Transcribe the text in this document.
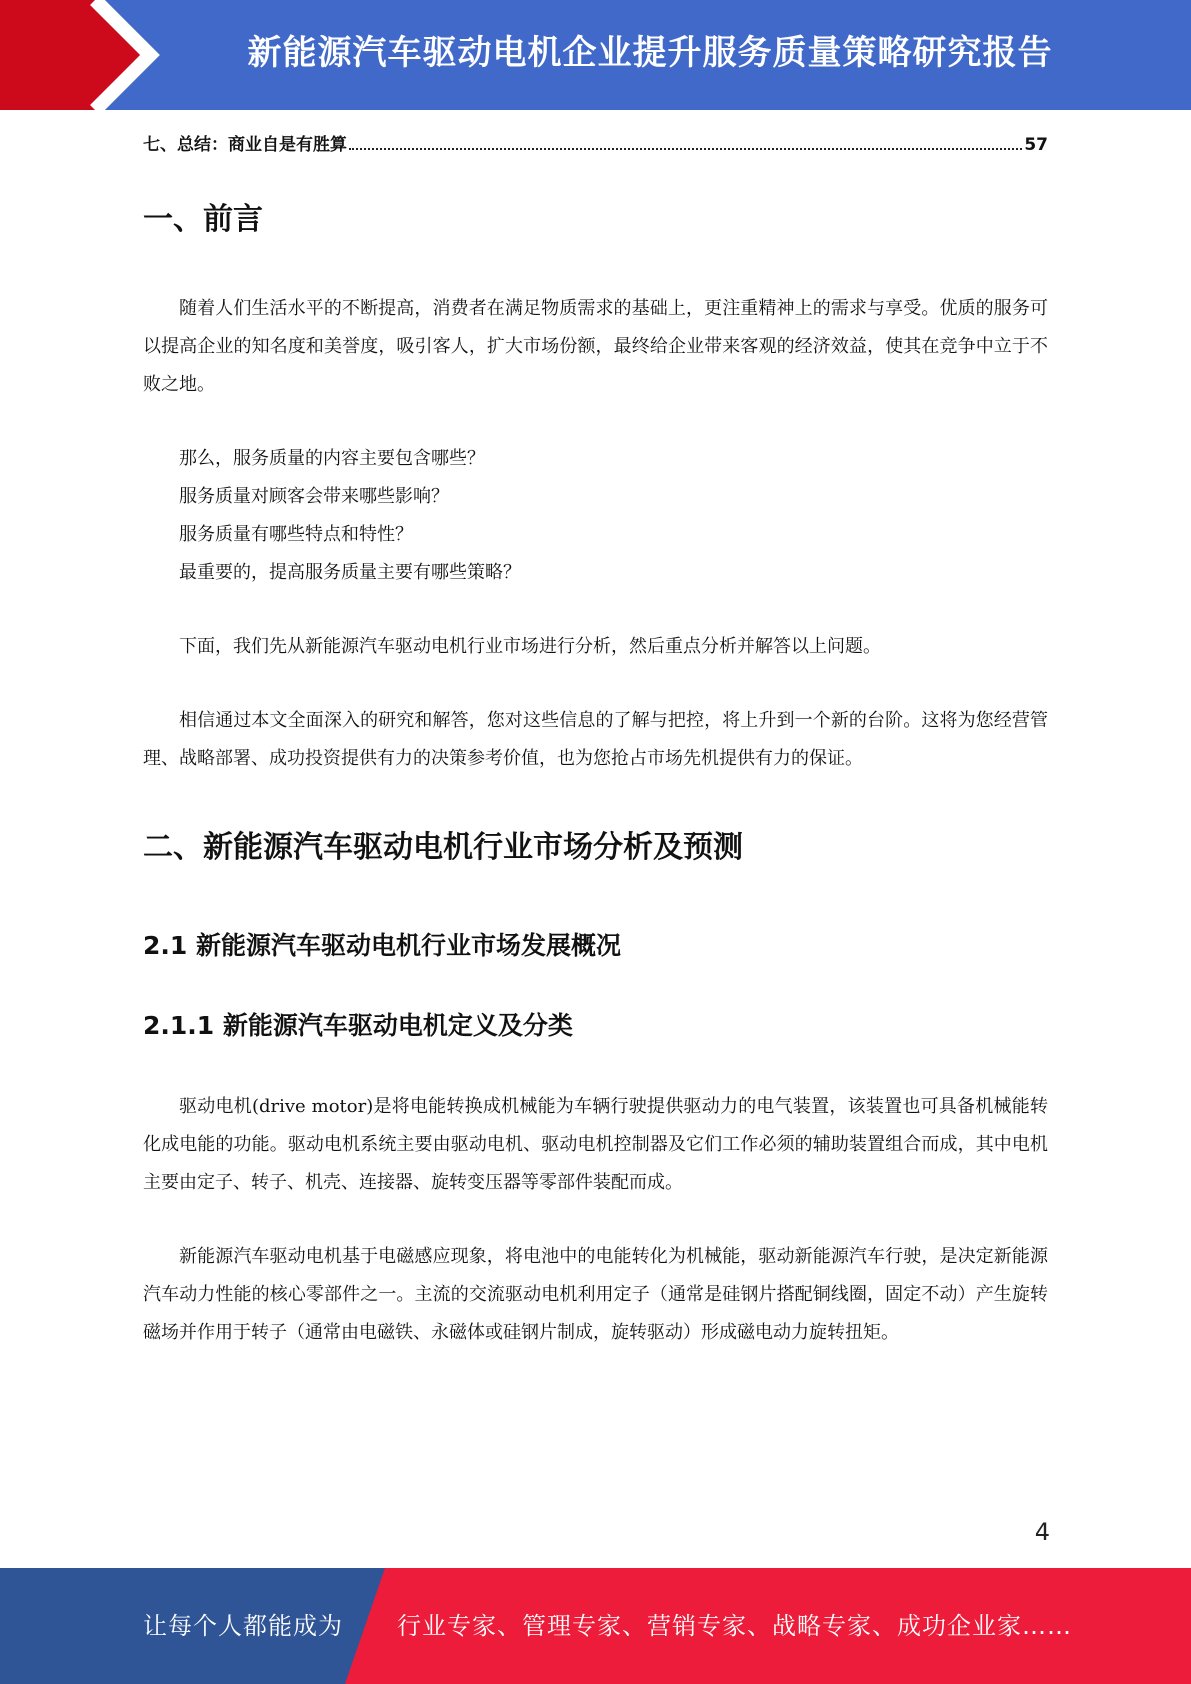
新能源汽车驱动电机企业提升服务质量策略研究报告
七、总结：商业自是有胜算	57
一、前言

随着人们生活水平的不断提高，消费者在满足物质需求的基础上，更注重精神上的需求与享受。优质的服务可以提高企业的知名度和美誉度，吸引客人，扩大市场份额，最终给企业带来客观的经济效益，使其在竞争中立于不败之地。

那么，服务质量的内容主要包含哪些？

服务质量对顾客会带来哪些影响？

服务质量有哪些特点和特性？

最重要的，提高服务质量主要有哪些策略？

下面，我们先从新能源汽车驱动电机行业市场进行分析，然后重点分析并解答以上问题。

相信通过本文全面深入的研究和解答，您对这些信息的了解与把控，将上升到一个新的台阶。这将为您经营管理、战略部署、成功投资提供有力的决策参考价值，也为您抢占市场先机提供有力的保证。

二、新能源汽车驱动电机行业市场分析及预测
2.1 新能源汽车驱动电机行业市场发展概况
2.1.1 新能源汽车驱动电机定义及分类

驱动电机(drive motor)是将电能转换成机械能为车辆行驶提供驱动力的电气装置，该装置也可具备机械能转化成电能的功能。驱动电机系统主要由驱动电机、驱动电机控制器及它们工作必须的辅助装置组合而成，其中电机主要由定子、转子、机壳、连接器、旋转变压器等零部件装配而成。

新能源汽车驱动电机基于电磁感应现象，将电池中的电能转化为机械能，驱动新能源汽车行驶，是决定新能源汽车动力性能的核心零部件之一。主流的交流驱动电机利用定子（通常是硅钢片搭配铜线圈，固定不动）产生旋转磁场并作用于转子（通常由电磁铁、永磁体或硅钢片制成，旋转驱动）形成磁电动力旋转扭矩。

4
让每个人都能成为 行业专家、管理专家、营销专家、战略专家、成功企业家……
